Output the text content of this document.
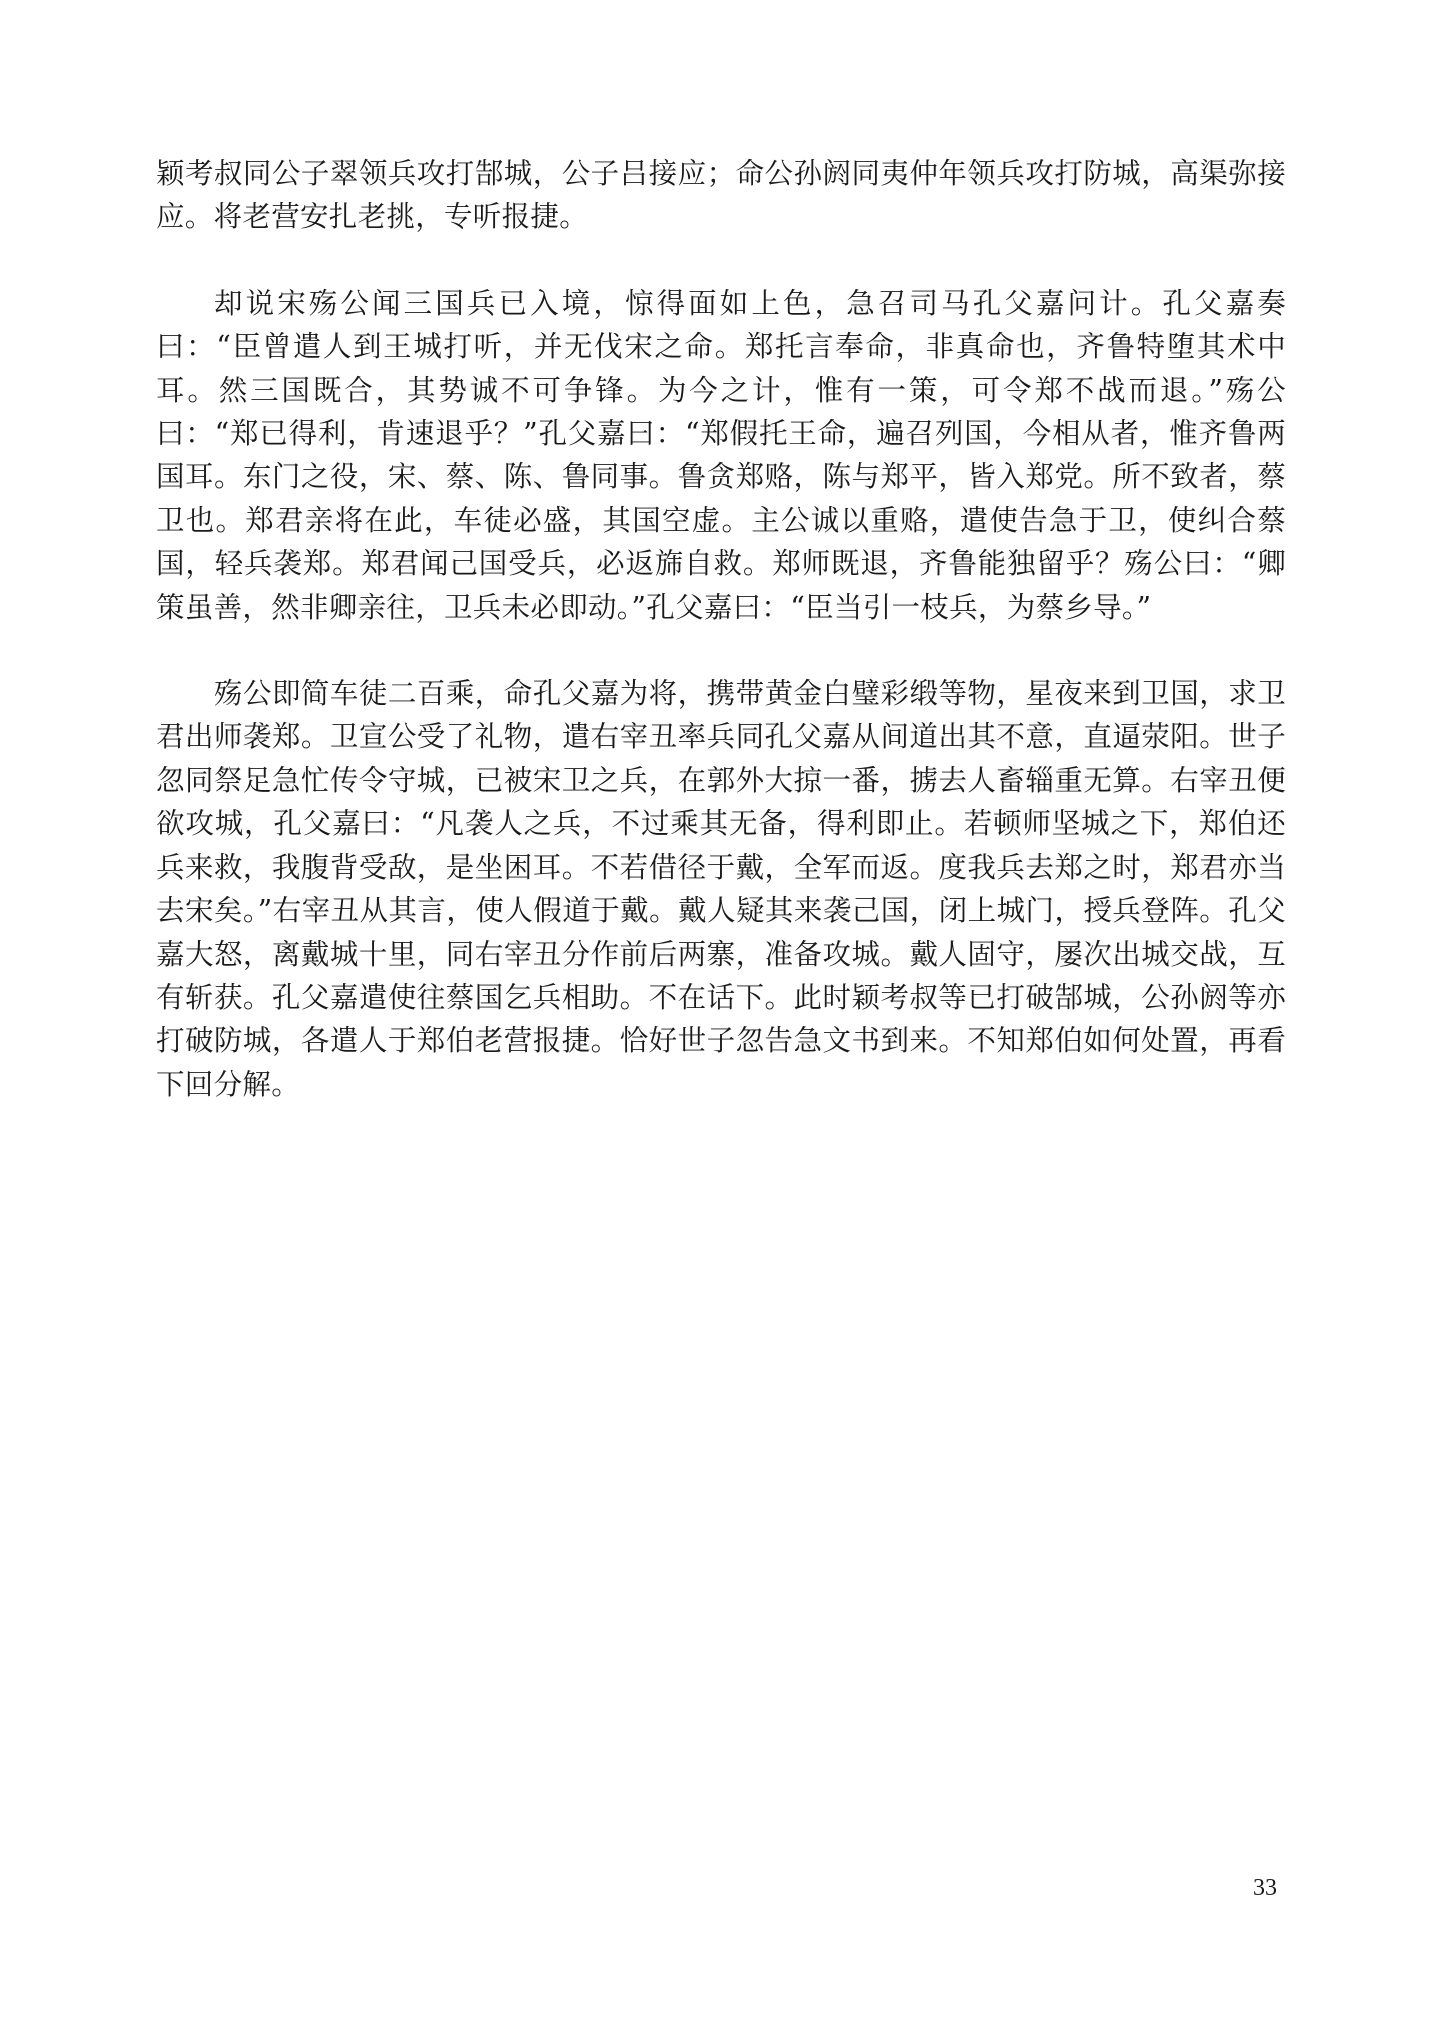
颖考叔同公子翠领兵攻打郜城，公子吕接应；命公孙阏同夷仲年领兵攻打防城，高渠弥接应。将老营安扎老挑，专听报捷。

却说宋殇公闻三国兵已入境，惊得面如上色，急召司马孔父嘉问计。孔父嘉奏曰：“臣曾遣人到王城打听，并无伐宋之命。郑托言奉命，非真命也，齐鲁特堕其术中耳。然三国既合，其势诚不可争锋。为今之计，惟有一策，可令郑不战而退。”殇公曰：“郑已得利，肯速退乎？”孔父嘉曰：“郑假托王命，遍召列国，今相从者，惟齐鲁两国耳。东门之役，宋、蔡、陈、鲁同事。鲁贪郑赂，陈与郑平，皆入郑党。所不致者，蔡卫也。郑君亲将在此，车徒必盛，其国空虚。主公诚以重赂，遣使告急于卫，使纠合蔡国，轻兵袭郑。郑君闻己国受兵，必返旆自救。郑师既退，齐鲁能独留乎？殇公曰：“卿策虽善，然非卿亲往，卫兵未必即动。”孔父嘉曰：“臣当引一枝兵，为蔡乡导。”

殇公即简车徒二百乘，命孔父嘉为将，携带黄金白璧彩缎等物，星夜来到卫国，求卫君出师袭郑。卫宣公受了礼物，遣右宰丑率兵同孔父嘉从间道出其不意，直逼荥阳。世子忽同祭足急忙传令守城，已被宋卫之兵，在郭外大掠一番，掳去人畜辎重无算。右宰丑便欲攻城，孔父嘉曰：“凡袭人之兵，不过乘其无备，得利即止。若顿师坚城之下，郑伯还兵来救，我腹背受敌，是坐困耳。不若借径于戴，全军而返。度我兵去郑之时，郑君亦当去宋矣。”右宰丑从其言，使人假道于戴。戴人疑其来袭己国，闭上城门，授兵登阵。孔父嘉大怒，离戴城十里，同右宰丑分作前后两寨，准备攻城。戴人固守，屡次出城交战，互有斩获。孔父嘉遣使往蔡国乞兵相助。不在话下。此时颖考叔等已打破郜城，公孙阏等亦打破防城，各遣人于郑伯老营报捷。恰好世子忽告急文书到来。不知郑伯如何处置，再看下回分解。

33
